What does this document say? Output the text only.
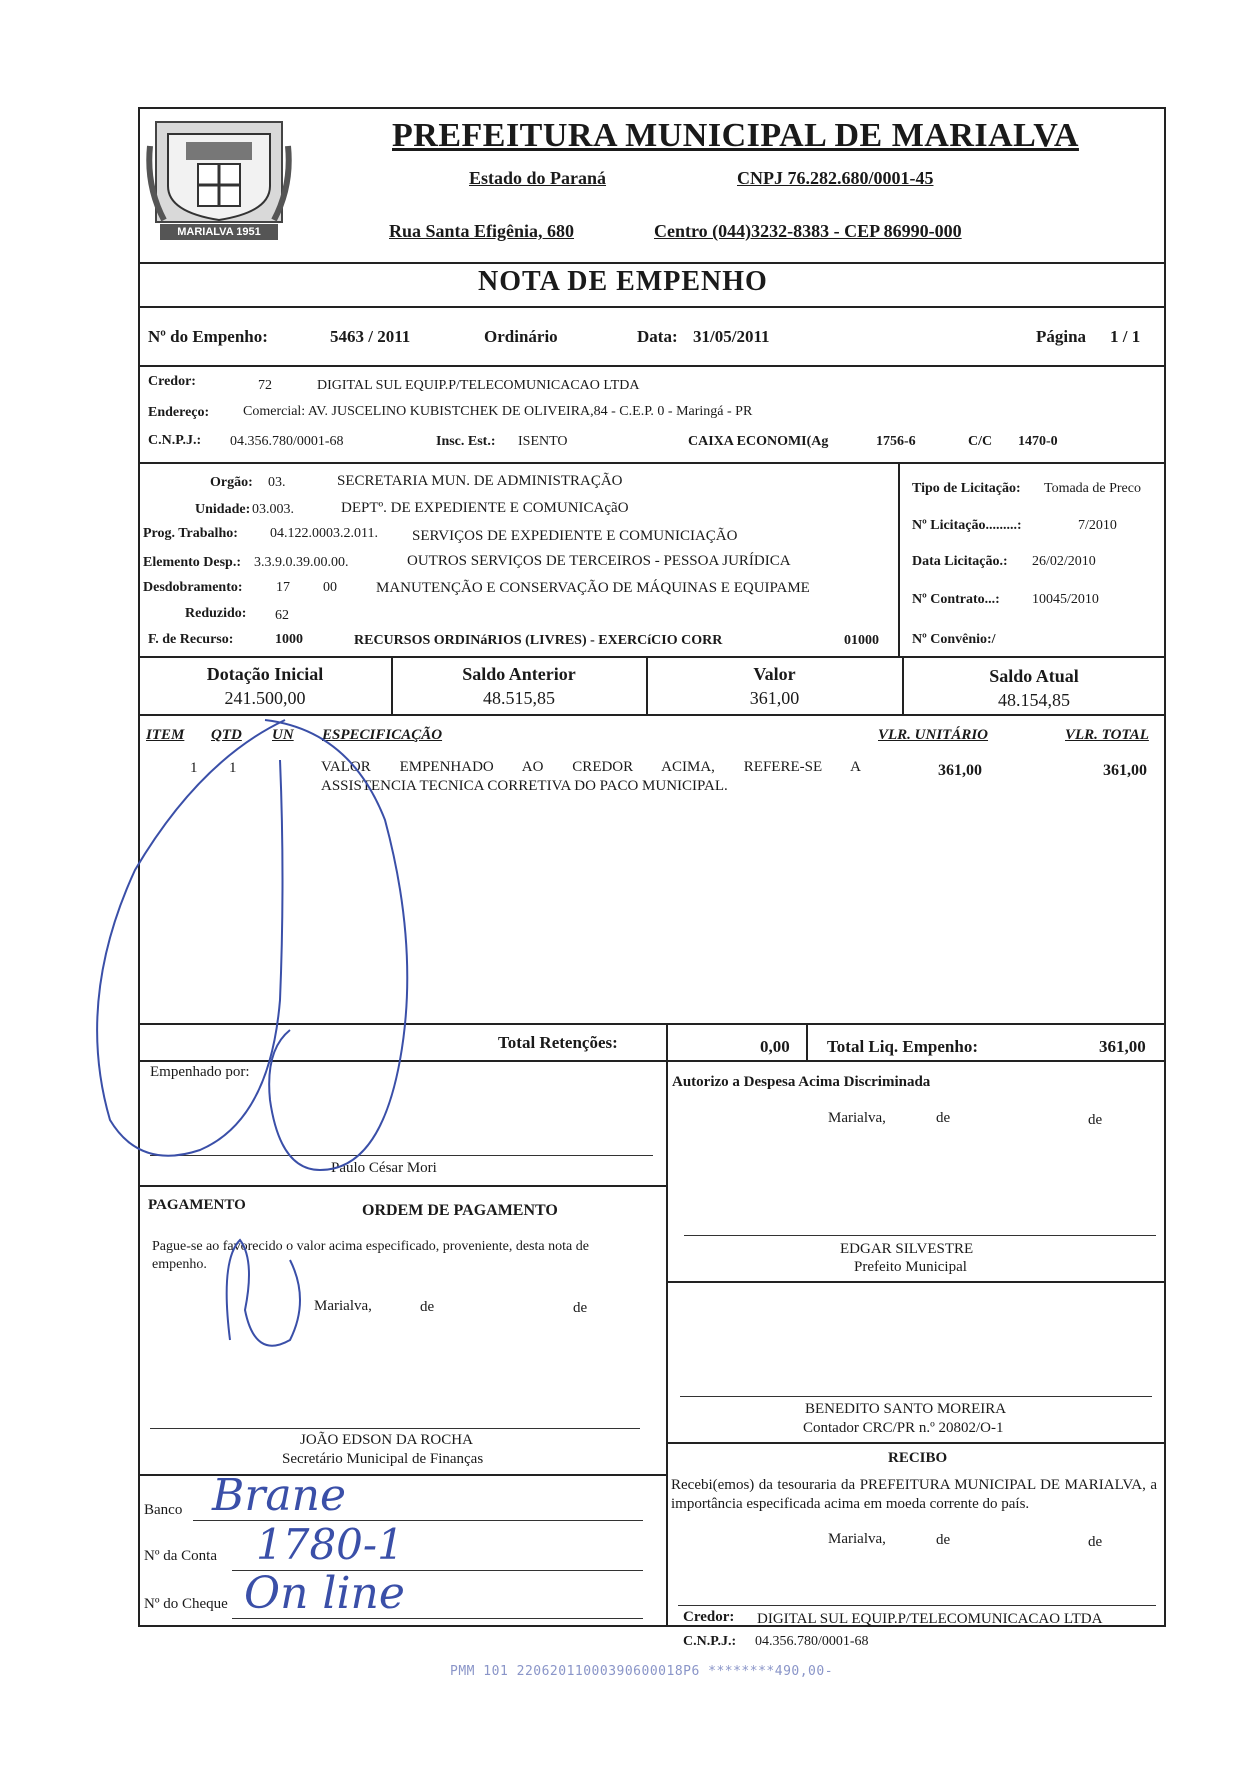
MARIALVA 1951
PREFEITURA MUNICIPAL DE MARIALVA
Estado do Paraná	CNPJ 76.282.680/0001-45
Rua Santa Efigênia, 680	Centro (044)3232-8383 - CEP 86990-000
NOTA DE EMPENHO
Nº do Empenho:	5463 / 2011	Ordinário	Data: 31/05/2011	Página 1 / 1
Credor:	72	DIGITAL SUL EQUIP.P/TELECOMUNICACAO LTDA
Endereço: Comercial: AV. JUSCELINO KUBISTCHEK DE OLIVEIRA,84 - C.E.P. 0 - Maringá - PR
C.N.P.J.: 04.356.780/0001-68	Insc. Est.: ISENTO	CAIXA ECONOMI(Ag	1756-6	C/C 1470-0
Orgão: 03.	SECRETARIA MUN. DE ADMINISTRAÇÃO
Unidade: 03.003.	DEPTº. DE EXPEDIENTE E COMUNICAçãO
Prog. Trabalho: 04.122.0003.2.011. SERVIÇOS DE EXPEDIENTE E COMUNICIAÇÃO
Elemento Desp.: 3.3.9.0.39.00.00.	OUTROS SERVIÇOS DE TERCEIROS - PESSOA JURÍDICA
Desdobramento: 17 00	MANUTENÇÃO E CONSERVAÇÃO DE MÁQUINAS E EQUIPAME
Reduzido: 62
F. de Recurso:	1000	RECURSOS ORDINáRIOS (LIVRES) - EXERCíCIO CORR	01000
Tipo de Licitação: Tomada de Preco
Nº Licitação.........:	7/2010
Data Licitação.: 26/02/2010
Nº Contrato...: 10045/2010
Nº Convênio:/
Dotação Inicial
241.500,00
Saldo Anterior
48.515,85
Valor
361,00
Saldo Atual
48.154,85
ITEM QTD UN ESPECIFICAÇÃO	VLR. UNITÁRIO	VLR. TOTAL
1 1	VALOR EMPENHADO AO CREDOR ACIMA, REFERE-SE A
ASSISTENCIA TECNICA CORRETIVA DO PACO MUNICIPAL.
361,00	361,00
Total Retenções:	0,00 Total Liq. Empenho:	361,00
Empenhado por:
Paulo César Mori
PAGAMENTO	ORDEM DE PAGAMENTO
Pague-se ao favorecido o valor acima especificado, proveniente, desta nota de empenho.
Marialva,	de	de
JOÃO EDSON DA ROCHA
Secretário Municipal de Finanças
Banco Brane
Nº da Conta 1780-1
Nº do Cheque On line
Autorizo a Despesa Acima Discriminada
Marialva,	de	de
EDGAR SILVESTRE
Prefeito Municipal
BENEDITO SANTO MOREIRA
Contador CRC/PR n.º 20802/O-1
RECIBO
Recebi(emos) da tesouraria da PREFEITURA MUNICIPAL DE MARIALVA, a importância especificada acima em moeda corrente do país.
Marialva,	de	de
Credor: DIGITAL SUL EQUIP.P/TELECOMUNICACAO LTDA
C.N.P.J.: 04.356.780/0001-68
PMM 101 22062011000390600018P6 ********490,00-
